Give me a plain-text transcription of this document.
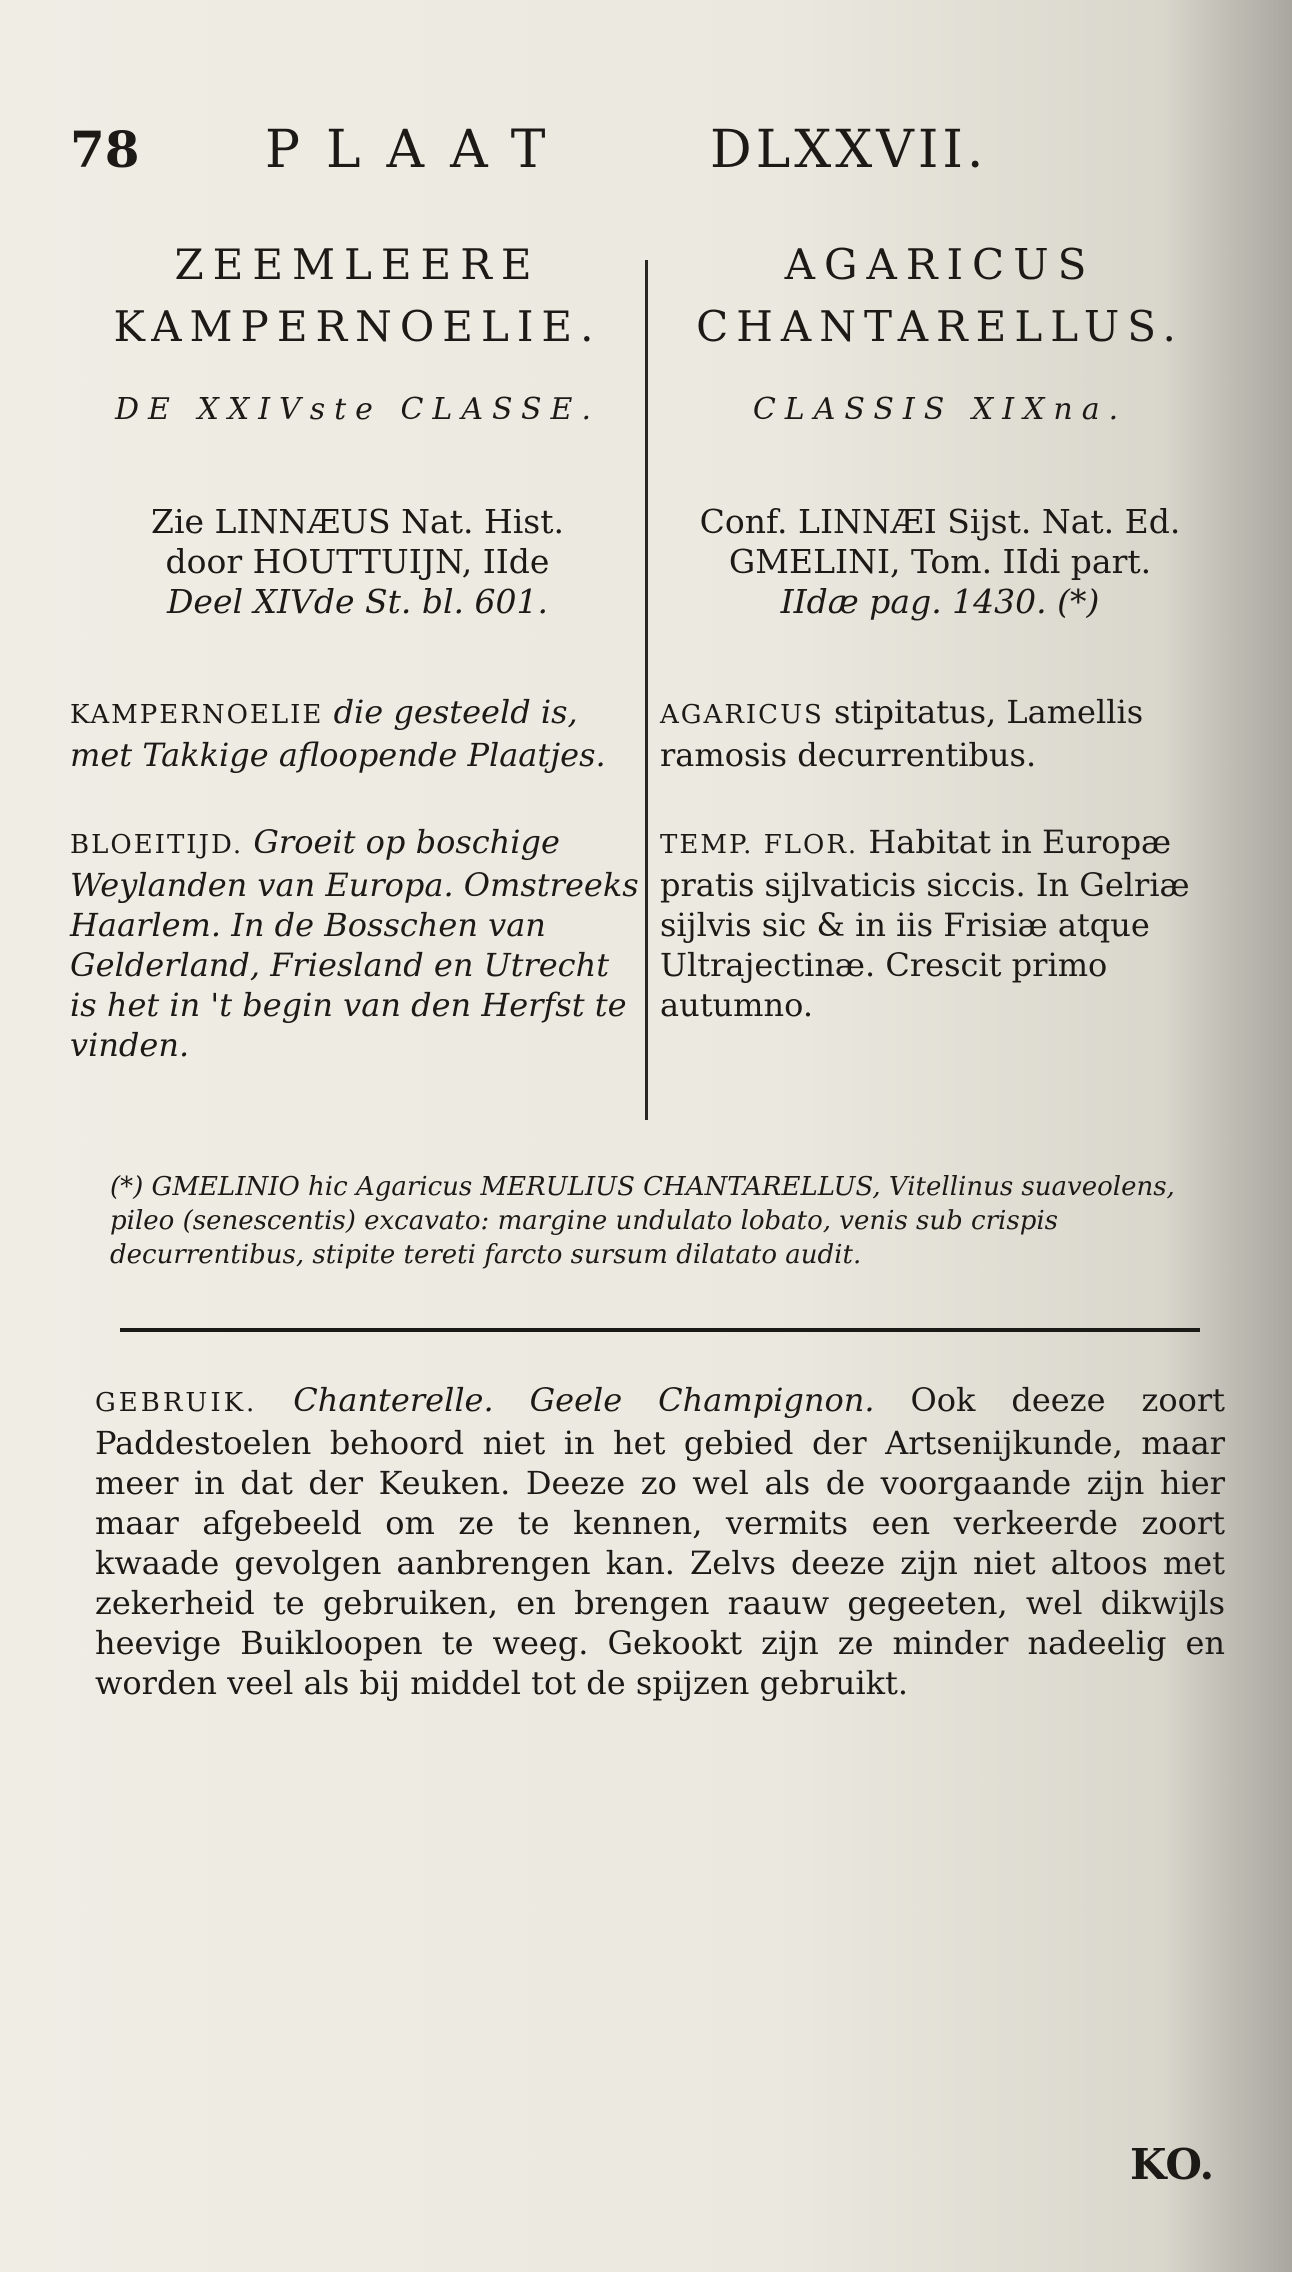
78 PLAAT	DLXXVII.
ZEEMLEERE
KAMPERNOELIE.
DE XXIVste CLASSE.
Zie LINNÆUS Nat. Hist.
door HOUTTUIJN, IIde
Deel XIVde St. bl. 601.
KAMPERNOELIE die gesteeld is, met Takkige afloopende Plaatjes.
BLOEITIJD. Groeit op boschige Weylanden van Europa. Omstreeks Haarlem. In de Bosschen van Gelderland, Friesland en Utrecht is het in 't begin van den Herfst te vinden.
AGARICUS
CHANTARELLUS.
CLASSIS XIXna.
Conf. LINNÆI Sijst. Nat. Ed.
GMELINI, Tom. IIdi part.
IIdæ pag. 1430. (*)
AGARICUS stipitatus, Lamellis ramosis decurrentibus.
TEMP. FLOR. Habitat in Europæ pratis sijlvaticis siccis. In Gelriæ sijlvis sic & in iis Frisiæ atque Ultrajectinæ. Crescit primo autumno.
(*) GMELINIO hic Agaricus MERULIUS CHANTARELLUS, Vitellinus suaveolens, pileo (senescentis) excavato: margine undulato lobato, venis sub crispis decurrentibus, stipite tereti farcto sursum dilatato audit.
GEBRUIK. Chanterelle. Geele Champignon. Ook deeze zoort Paddestoelen behoord niet in het gebied der Artsenijkunde, maar meer in dat der Keuken. Deeze zo wel als de voorgaande zijn hier maar afgebeeld om ze te kennen, vermits een verkeerde zoort kwaade gevolgen aanbrengen kan. Zelvs deeze zijn niet altoos met zekerheid te gebruiken, en brengen raauw gegeeten, wel dikwijls heevige Buikloopen te weeg. Gekookt zijn ze minder nadeelig en worden veel als bij middel tot de spijzen gebruikt.
KO.
